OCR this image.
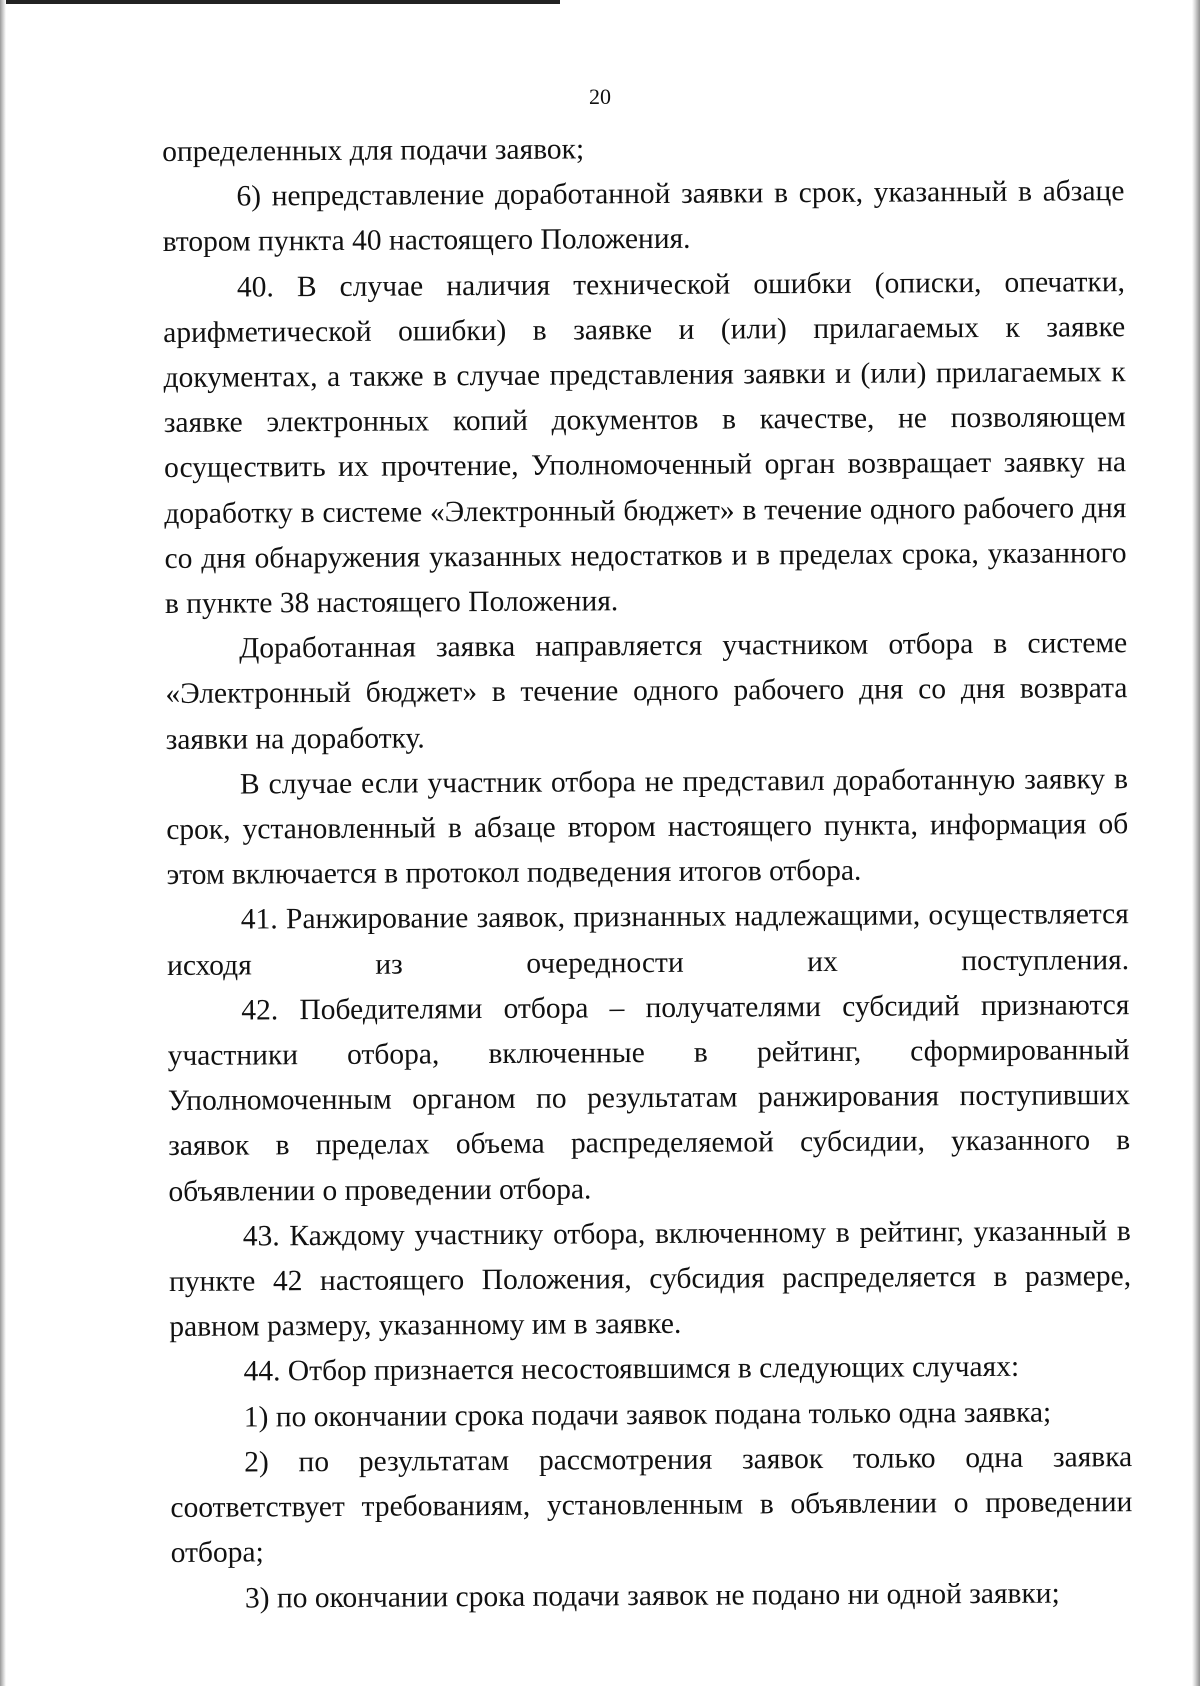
20

определенных для подачи заявок;

6) непредставление доработанной заявки в срок, указанный в абзаце втором пункта 40 настоящего Положения.

40. В случае наличия технической ошибки (описки, опечатки, арифметической ошибки) в заявке и (или) прилагаемых к заявке документах, а также в случае представления заявки и (или) прилагаемых к заявке электронных копий документов в качестве, не позволяющем осуществить их прочтение, Уполномоченный орган возвращает заявку на доработку в системе «Электронный бюджет» в течение одного рабочего дня со дня обнаружения указанных недостатков и в пределах срока, указанного в пункте 38 настоящего Положения.

Доработанная заявка направляется участником отбора в системе «Электронный бюджет» в течение одного рабочего дня со дня возврата заявки на доработку.

В случае если участник отбора не представил доработанную заявку в срок, установленный в абзаце втором настоящего пункта, информация об этом включается в протокол подведения итогов отбора.

41. Ранжирование заявок, признанных надлежащими, осуществляется исходя из очередности их поступления.

42. Победителями отбора – получателями субсидий признаются участники отбора, включенные в рейтинг, сформированный Уполномоченным органом по результатам ранжирования поступивших заявок в пределах объема распределяемой субсидии, указанного в объявлении о проведении отбора.

43. Каждому участнику отбора, включенному в рейтинг, указанный в пункте 42 настоящего Положения, субсидия распределяется в размере, равном размеру, указанному им в заявке.

44. Отбор признается несостоявшимся в следующих случаях:

1) по окончании срока подачи заявок подана только одна заявка;

2) по результатам рассмотрения заявок только одна заявка соответствует требованиям, установленным в объявлении о проведении отбора;

3) по окончании срока подачи заявок не подано ни одной заявки;
